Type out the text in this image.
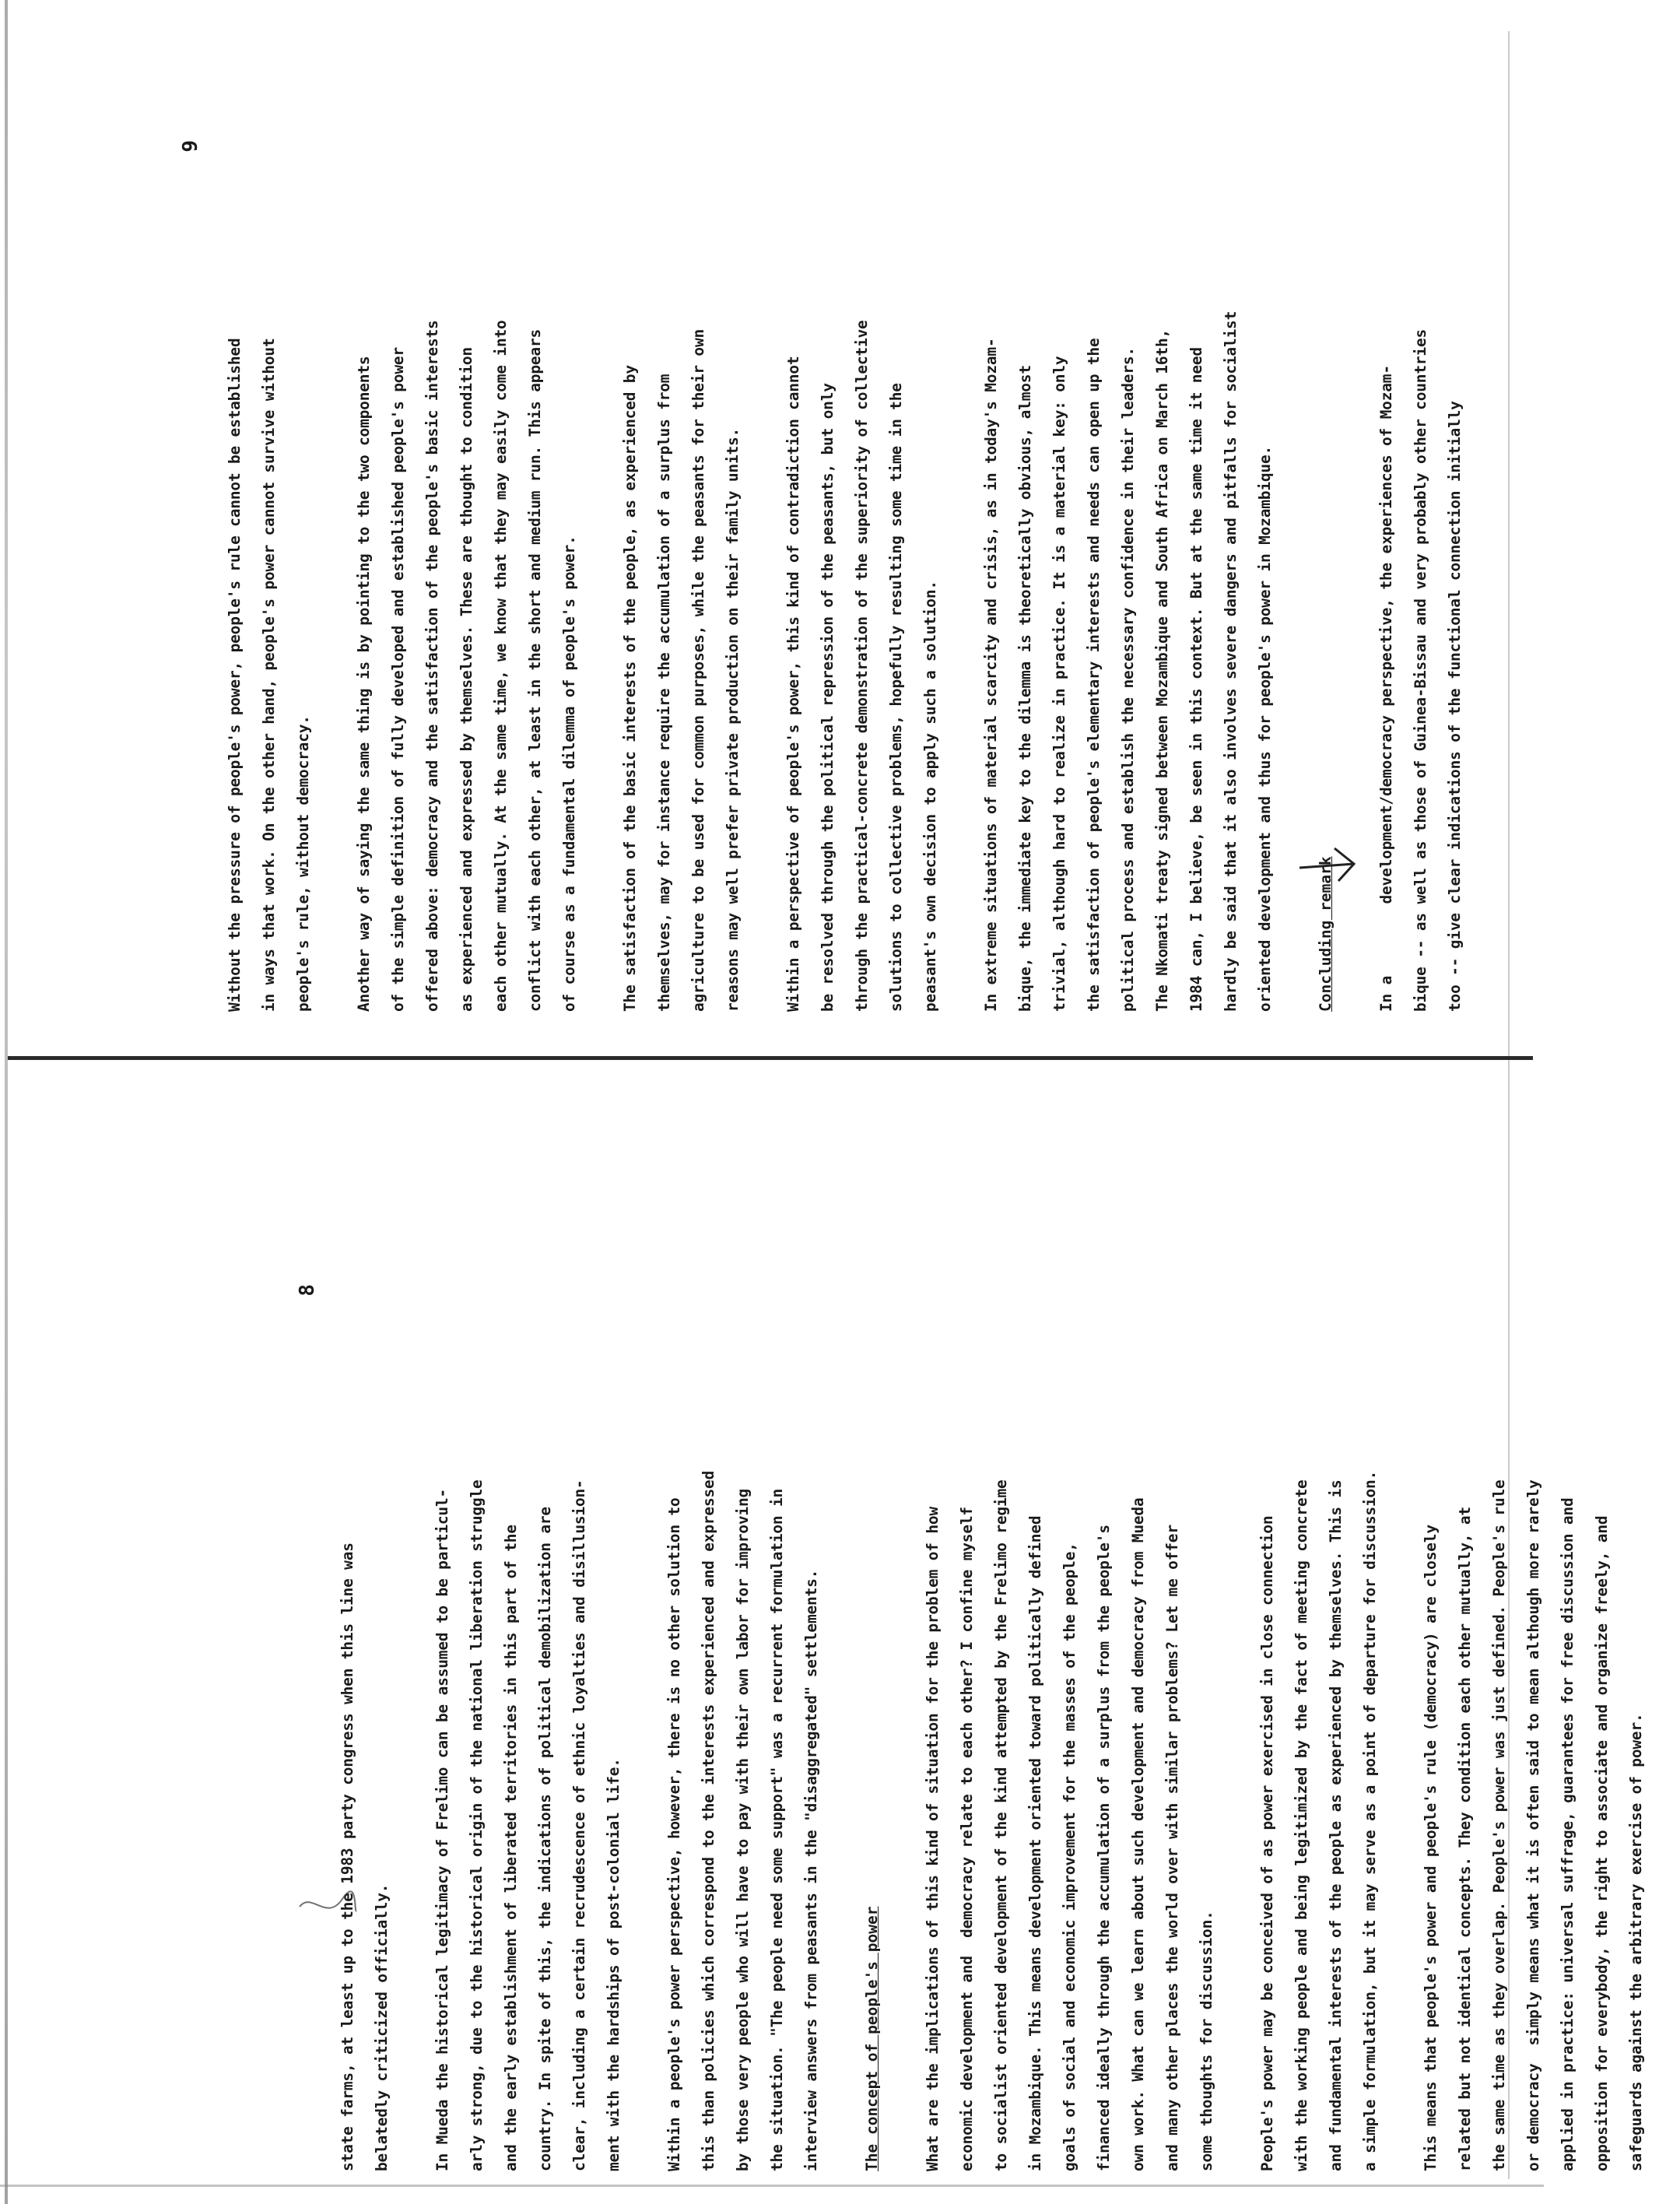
9

Without the pressure of people's power, people's rule cannot be established
in ways that work. On the other hand, people's power cannot survive without
people's rule, without democracy.

Another way of saying the same thing is by pointing to the two components
of the simple definition of fully developed and established people's power
offered above: democracy and the satisfaction of the people's basic interests
as experienced and expressed by themselves. These are thought to condition
each other mutually. At the same time, we know that they may easily come into
conflict with each other, at least in the short and medium run. This appears
of course as a fundamental dilemma of people's power.

The satisfaction of the basic interests of the people, as experienced by
themselves, may for instance require the accumulation of a surplus from
agriculture to be used for common purposes, while the peasants for their own
reasons may well prefer private production on their family units.

Within a perspective of people's power, this kind of contradiction cannot
be resolved through the political repression of the peasants, but only
through the practical-concrete demonstration of the superiority of collective
solutions to collective problems, hopefully resulting some time in the
peasant's own decision to apply such a solution.

In extreme situations of material scarcity and crisis, as in today's Mozam-
bique, the immediate key to the dilemma is theoretically obvious, almost
trivial, although hard to realize in practice. It is a material key: only
the satisfaction of people's elementary interests and needs can open up the
political process and establish the necessary confidence in their leaders.
The Nkomati treaty signed between Mozambique and South Africa on March 16th,
1984 can, I believe, be seen in this context. But at the same time it need
hardly be said that it also involves severe dangers and pitfalls for socialist
oriented development and thus for people's power in Mozambique.

Concluding remark	In a        development/democracy perspective, the experiences of Mozam-
bique -- as well as those of Guinea-Bissau and very probably other countries
too -- give clear indications of the functional connection initially

8

state farms, at least up to the 1983 party congress when this line was
belatedly criticized officially.

In Mueda the historical legitimacy of Frelimo can be assumed to be particul-
arly strong, due to the historical origin of the national liberation struggle
and the early establishment of liberated territories in this part of the
country. In spite of this, the indications of political demobilization are
clear, including a certain recrudescence of ethnic loyalties and disillusion-
ment with the hardships of post-colonial life.

Within a people's power perspective, however, there is no other solution to
this than policies which correspond to the interests experienced and expressed
by those very people who will have to pay with their own labor for improving
the situation. "The people need some support" was a recurrent formulation in
interview answers from peasants in the "disaggregated" settlements.

The concept of people's power	What are the implications of this kind of situation for the problem of how
economic development and  democracy relate to each other? I confine myself
to socialist oriented development of the kind attempted by the Frelimo regime
in Mozambique. This means development oriented toward politically defined
goals of social and economic improvement for the masses of the people,
financed ideally through the accumulation of a surplus from the people's
own work. What can we learn about such development and democracy from Mueda
and many other places the world over with similar problems? Let me offer
some thoughts for discussion.

People's power may be conceived of as power exercised in close connection
with the working people and being legitimized by the fact of meeting concrete
and fundamental interests of the people as experienced by themselves. This is
a simple formulation, but it may serve as a point of departure for discussion.

This means that people's power and people's rule (democracy) are closely
related but not identical concepts. They condition each other mutually, at
the same time as they overlap. People's power was just defined. People's rule
or democracy  simply means what it is often said to mean although more rarely
applied in practice: universal suffrage, guarantees for free discussion and
opposition for everybody, the right to associate and organize freely, and
safeguards against the arbitrary exercise of power.
